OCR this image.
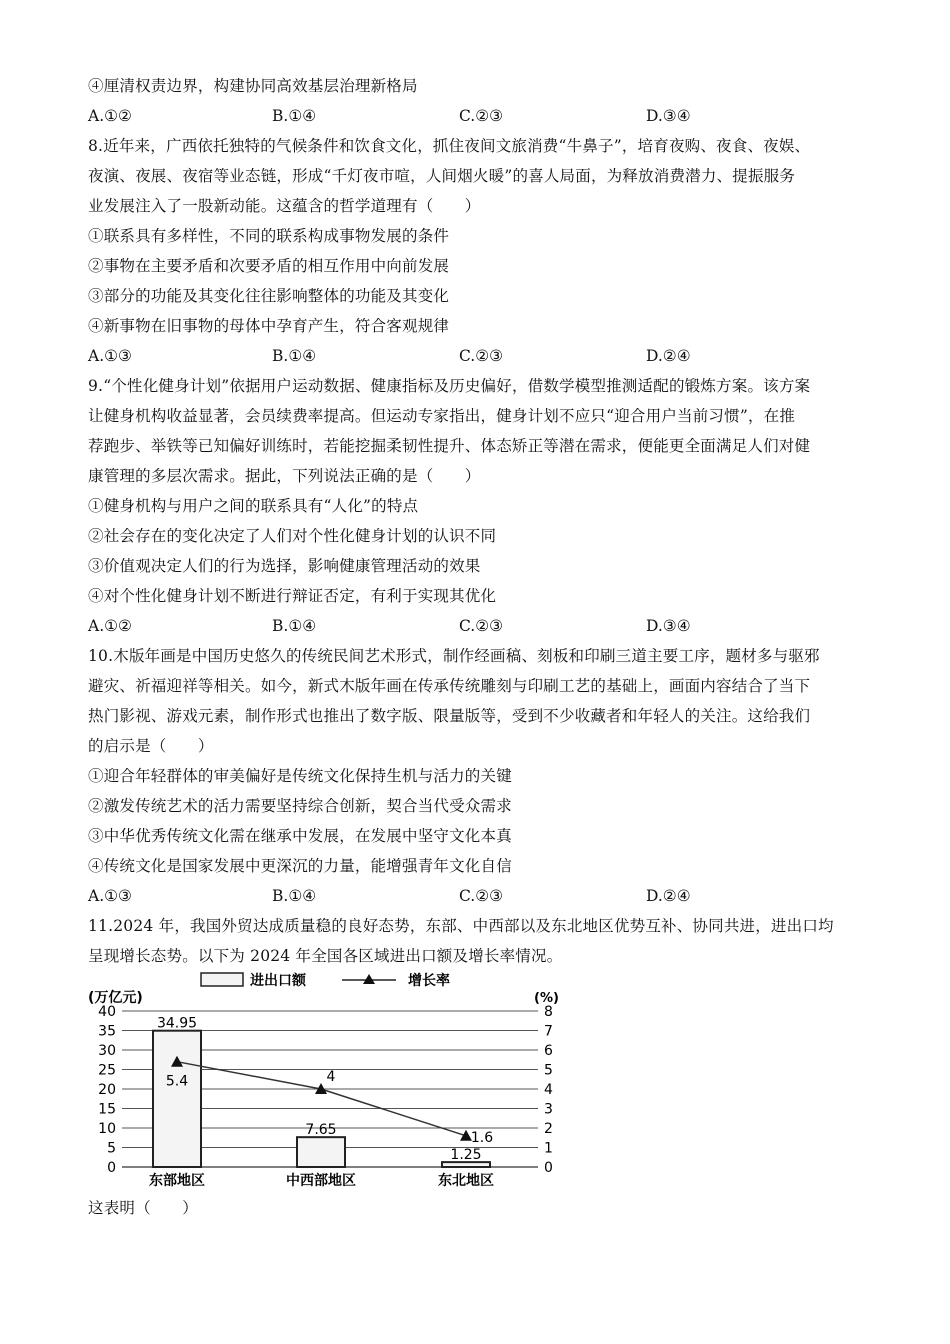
④厘清权责边界，构建协同高效基层治理新格局
A.①②	B.①④	C.②③	D.③④
8.近年来，广西依托独特的气候条件和饮食文化，抓住夜间文旅消费“牛鼻子”，培育夜购、夜食、夜娱、
夜演、夜展、夜宿等业态链，形成“千灯夜市喧，人间烟火暖”的喜人局面，为释放消费潜力、提振服务
业发展注入了一股新动能。这蕴含的哲学道理有（　　）
①联系具有多样性，不同的联系构成事物发展的条件
②事物在主要矛盾和次要矛盾的相互作用中向前发展
③部分的功能及其变化往往影响整体的功能及其变化
④新事物在旧事物的母体中孕育产生，符合客观规律
A.①③	B.①④	C.②③	D.②④
9.“个性化健身计划”依据用户运动数据、健康指标及历史偏好，借数学模型推测适配的锻炼方案。该方案
让健身机构收益显著，会员续费率提高。但运动专家指出，健身计划不应只“迎合用户当前习惯”，在推
荐跑步、举铁等已知偏好训练时，若能挖掘柔韧性提升、体态矫正等潜在需求，便能更全面满足人们对健
康管理的多层次需求。据此，下列说法正确的是（　　）
①健身机构与用户之间的联系具有“人化”的特点
②社会存在的变化决定了人们对个性化健身计划的认识不同
③价值观决定人们的行为选择，影响健康管理活动的效果
④对个性化健身计划不断进行辩证否定，有利于实现其优化
A.①②	B.①④	C.②③	D.③④
10.木版年画是中国历史悠久的传统民间艺术形式，制作经画稿、刻板和印刷三道主要工序，题材多与驱邪
避灾、祈福迎祥等相关。如今，新式木版年画在传承传统雕刻与印刷工艺的基础上，画面内容结合了当下
热门影视、游戏元素，制作形式也推出了数字版、限量版等，受到不少收藏者和年轻人的关注。这给我们
的启示是（　　）
①迎合年轻群体的审美偏好是传统文化保持生机与活力的关键
②激发传统艺术的活力需要坚持综合创新，契合当代受众需求
③中华优秀传统文化需在继承中发展，在发展中坚守文化本真
④传统文化是国家发展中更深沉的力量，能增强青年文化自信
A.①③	B.①④	C.②③	D.②④
11.2024 年，我国外贸达成质量稳的良好态势，东部、中西部以及东北地区优势互补、协同共进，进出口均
呈现增长态势。以下为 2024 年全国各区域进出口额及增长率情况。
进出口额	增长率
(万亿元)	(%)
0
5
10
15
20
25
30
35
40
0
1
2
3
4
5
6
7
8
34.95
东部地区
7.65
中西部地区
1.25
东北地区
5.4	4
1.6
这表明（　　）
